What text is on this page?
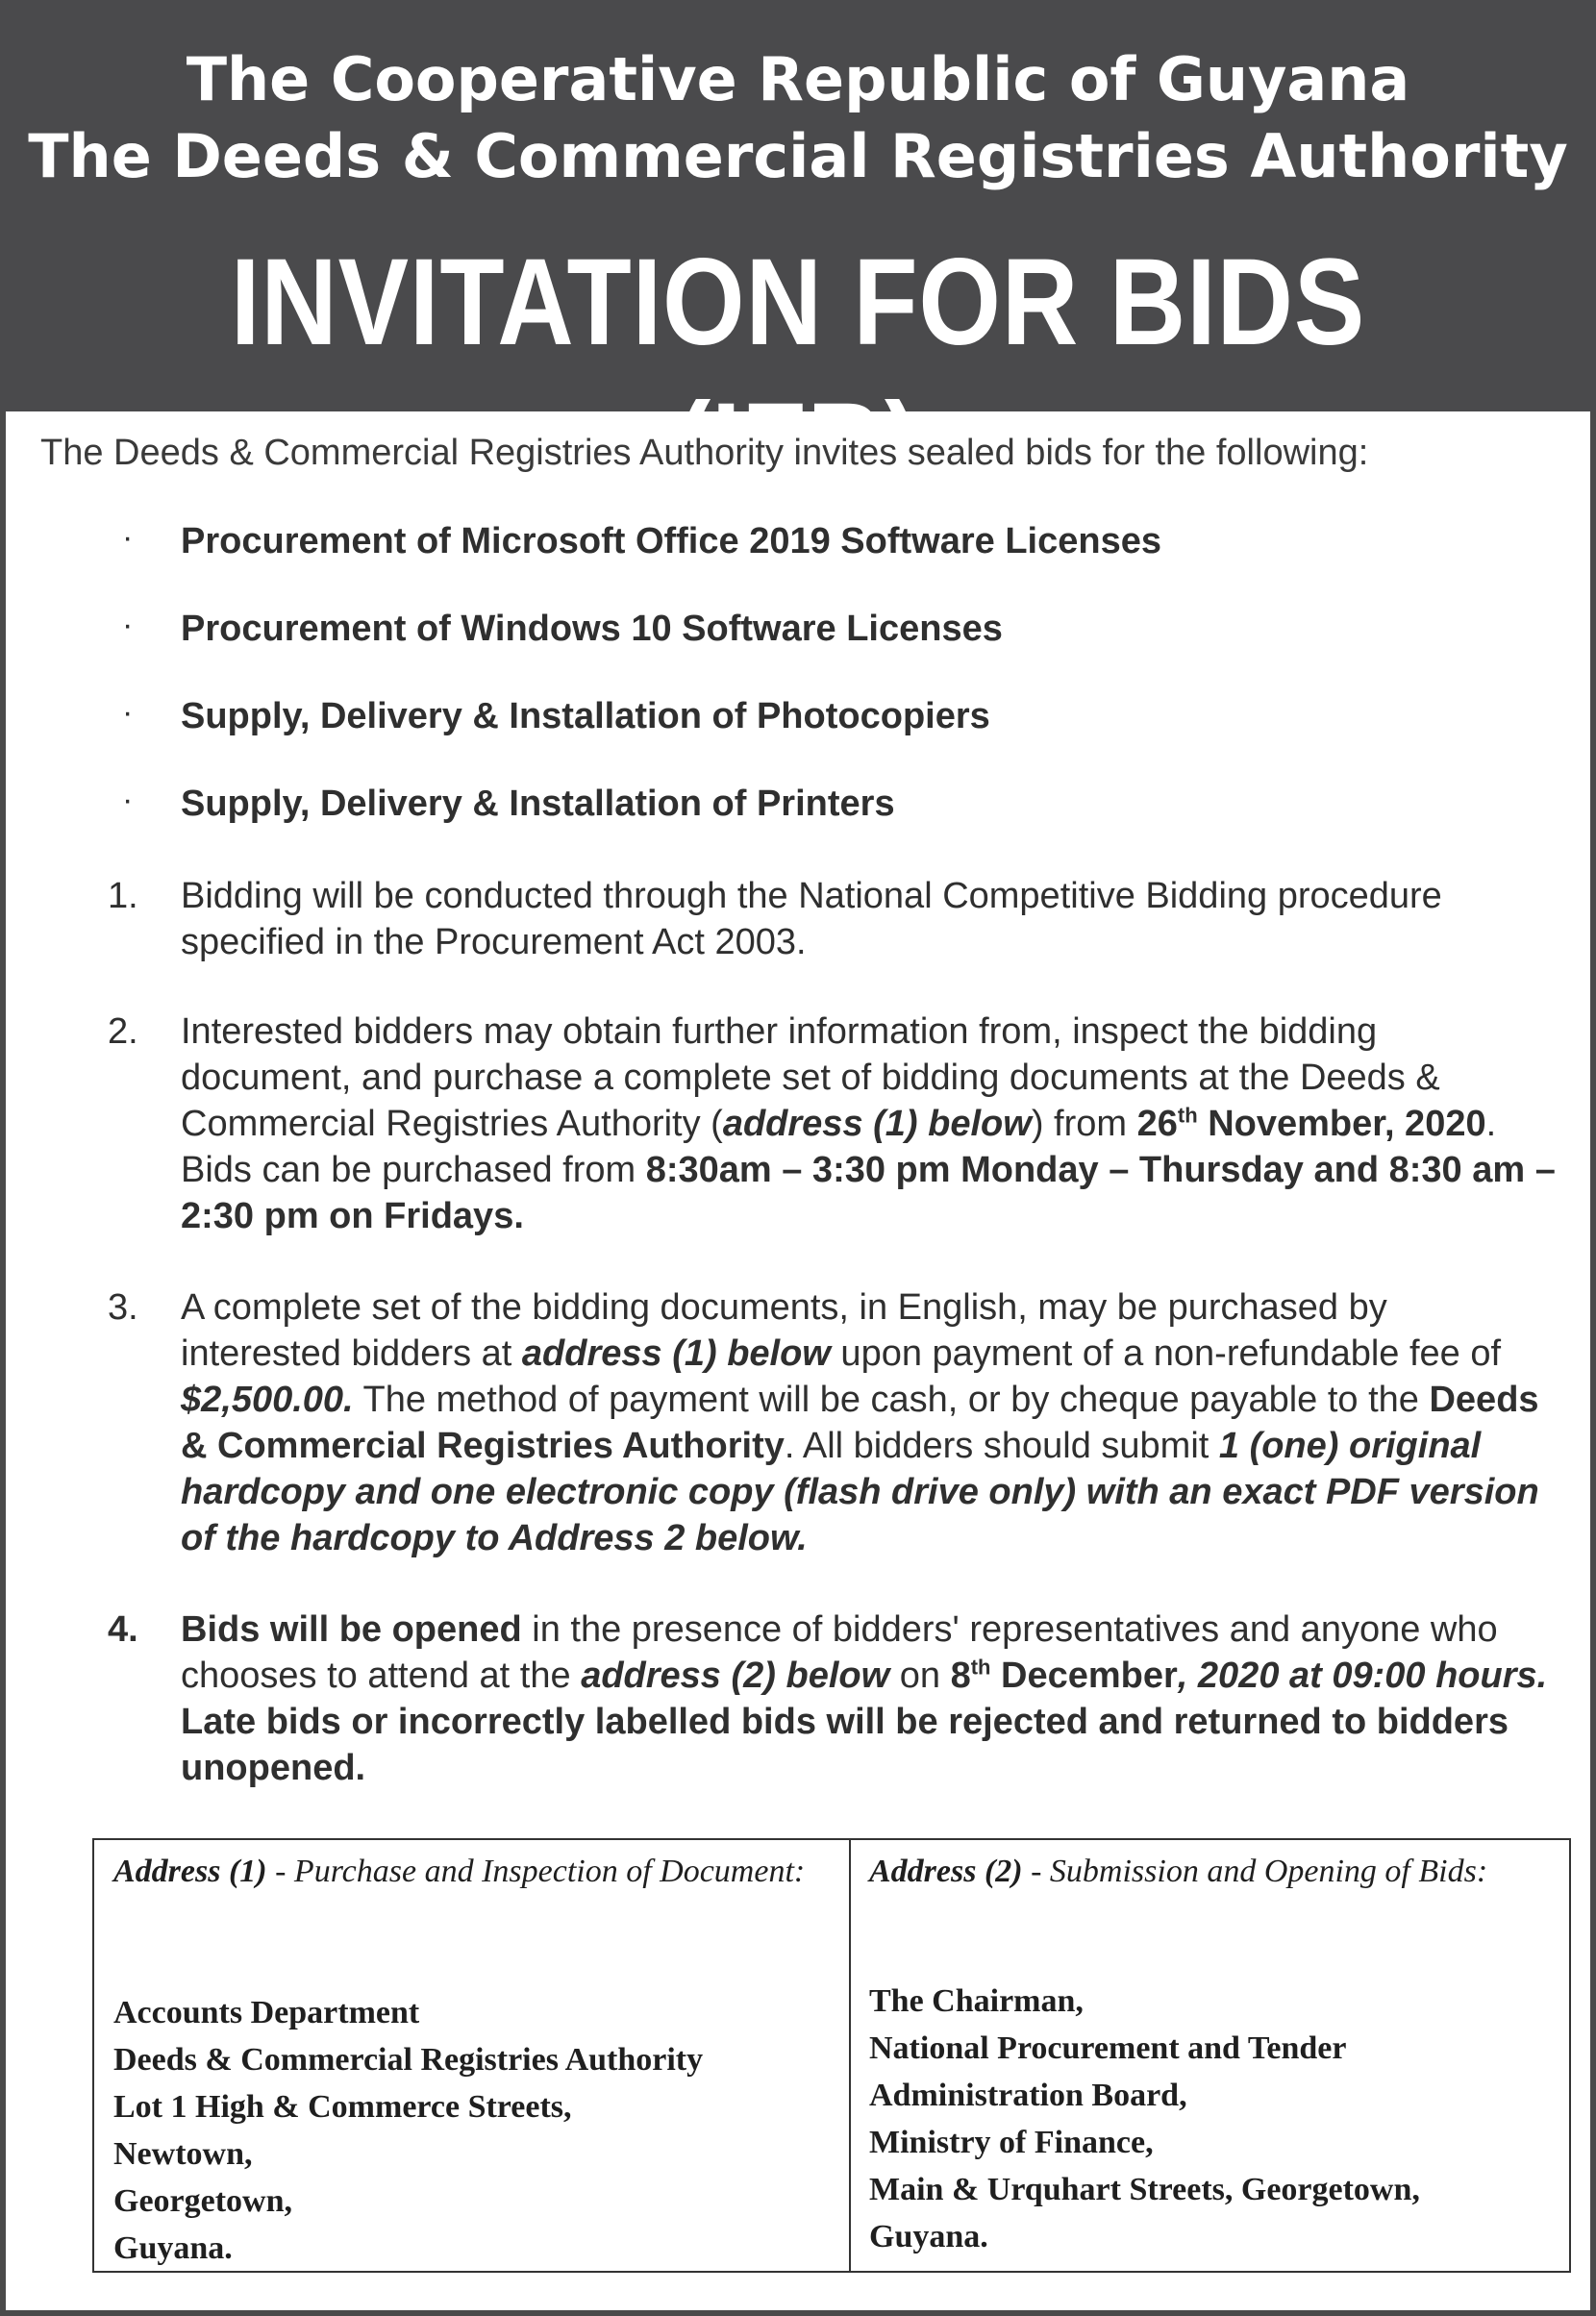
The Cooperative Republic of Guyana
The Deeds & Commercial Registries Authority
INVITATION FOR BIDS (IFB)
The Deeds & Commercial Registries Authority invites sealed bids for the following:
· Procurement of Microsoft Office 2019 Software Licenses
· Procurement of Windows 10 Software Licenses
· Supply, Delivery & Installation of Photocopiers
· Supply, Delivery & Installation of Printers
1. Bidding will be conducted through the National Competitive Bidding procedure specified in the Procurement Act 2003.
2. Interested bidders may obtain further information from, inspect the bidding document, and purchase a complete set of bidding documents at the Deeds & Commercial Registries Authority (address (1) below) from 26th November, 2020. Bids can be purchased from 8:30am – 3:30 pm Monday – Thursday and 8:30 am – 2:30 pm on Fridays.
3. A complete set of the bidding documents, in English, may be purchased by interested bidders at address (1) below upon payment of a non-refundable fee of $2,500.00. The method of payment will be cash, or by cheque payable to the Deeds & Commercial Registries Authority. All bidders should submit 1 (one) original hardcopy and one electronic copy (flash drive only) with an exact PDF version of the hardcopy to Address 2 below.
4. Bids will be opened in the presence of bidders' representatives and anyone who chooses to attend at the address (2) below on 8th December, 2020 at 09:00 hours. Late bids or incorrectly labelled bids will be rejected and returned to bidders unopened.
Address (1) - Purchase and Inspection of Document:
Accounts Department
Deeds & Commercial Registries Authority
Lot 1 High & Commerce Streets,
Newtown,
Georgetown,
Guyana.
Address (2) - Submission and Opening of Bids:
The Chairman,
National Procurement and Tender
Administration Board,
Ministry of Finance,
Main & Urquhart Streets, Georgetown,
Guyana.
